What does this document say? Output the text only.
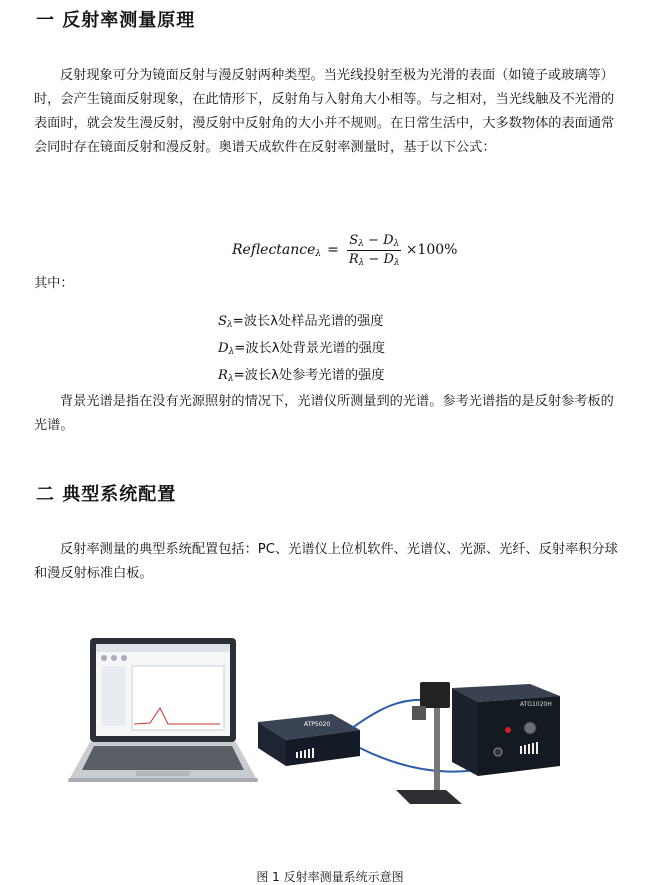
一 反射率测量原理
反射现象可分为镜面反射与漫反射两种类型。当光线投射至极为光滑的表面（如镜子或玻璃等）时，会产生镜面反射现象，在此情形下，反射角与入射角大小相等。与之相对，当光线触及不光滑的表面时，就会发生漫反射，漫反射中反射角的大小并不规则。在日常生活中，大多数物体的表面通常会同时存在镜面反射和漫反射。奥谱天成软件在反射率测量时，基于以下公式：
Reflectance$_\lambda$ = $\frac{S_\lambda - D_\lambda}{R_\lambda - D_\lambda} \times 100\%$
其中：
$S_\lambda=$波长λ处样品光谱的强度
$D_\lambda=$波长λ处背景光谱的强度
$R_\lambda=$波长λ处参考光谱的强度
背景光谱是指在没有光源照射的情况下，光谱仪所测量到的光谱。参考光谱指的是反射参考板的光谱。
二 典型系统配置
反射率测量的典型系统配置包括：PC、光谱仪上位机软件、光谱仪、光源、光纤、反射率积分球和漫反射标准白板。
ATP5020
ATG1020H
图 1 反射率测量系统示意图
